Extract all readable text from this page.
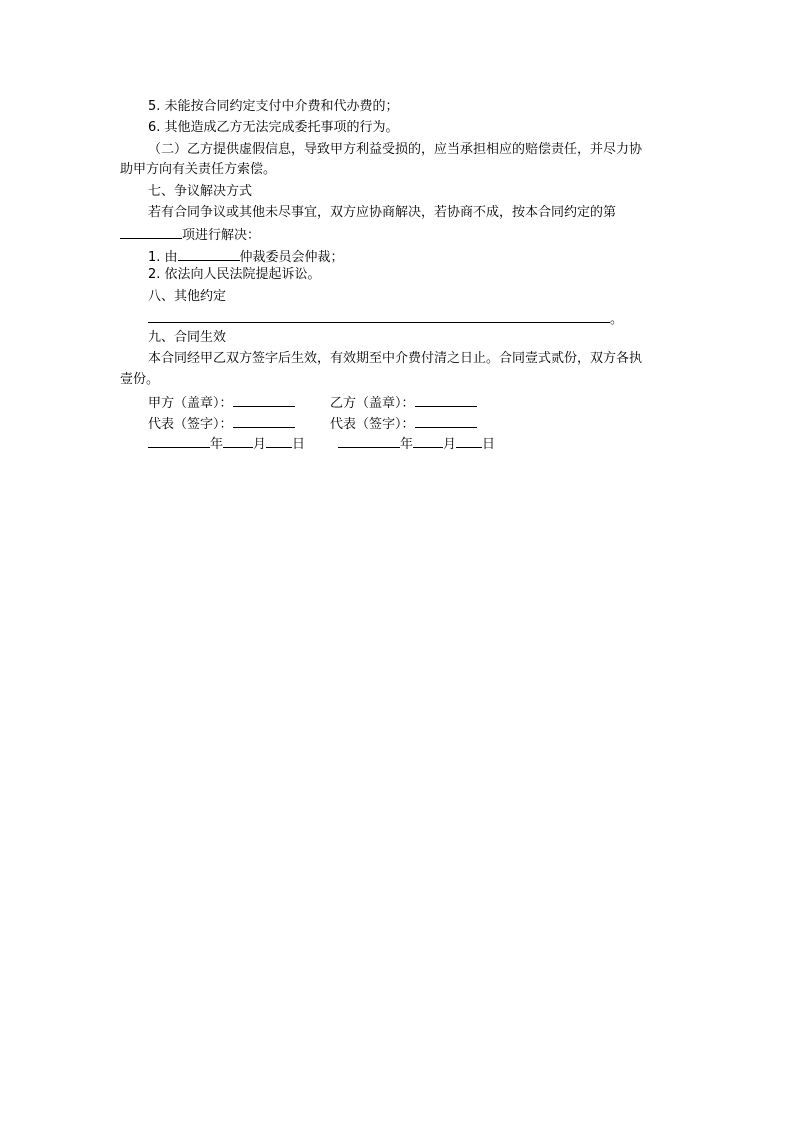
5. 未能按合同约定支付中介费和代办费的；
6. 其他造成乙方无法完成委托事项的行为。
（二）乙方提供虚假信息，导致甲方利益受损的，应当承担相应的赔偿责任，并尽力协
助甲方向有关责任方索偿。
七、争议解决方式
若有合同争议或其他未尽事宜，双方应协商解决，若协商不成，按本合同约定的第
项进行解决：
1. 由	仲裁委员会仲裁；
2. 依法向人民法院提起诉讼。
八、其他约定
。
九、合同生效
本合同经甲乙双方签字后生效，有效期至中介费付清之日止。合同壹式贰份，双方各执
壹份。
甲方（盖章）：	乙方（盖章）：
代表（签字）：	代表（签字）：
年 月 日	年 月 日
